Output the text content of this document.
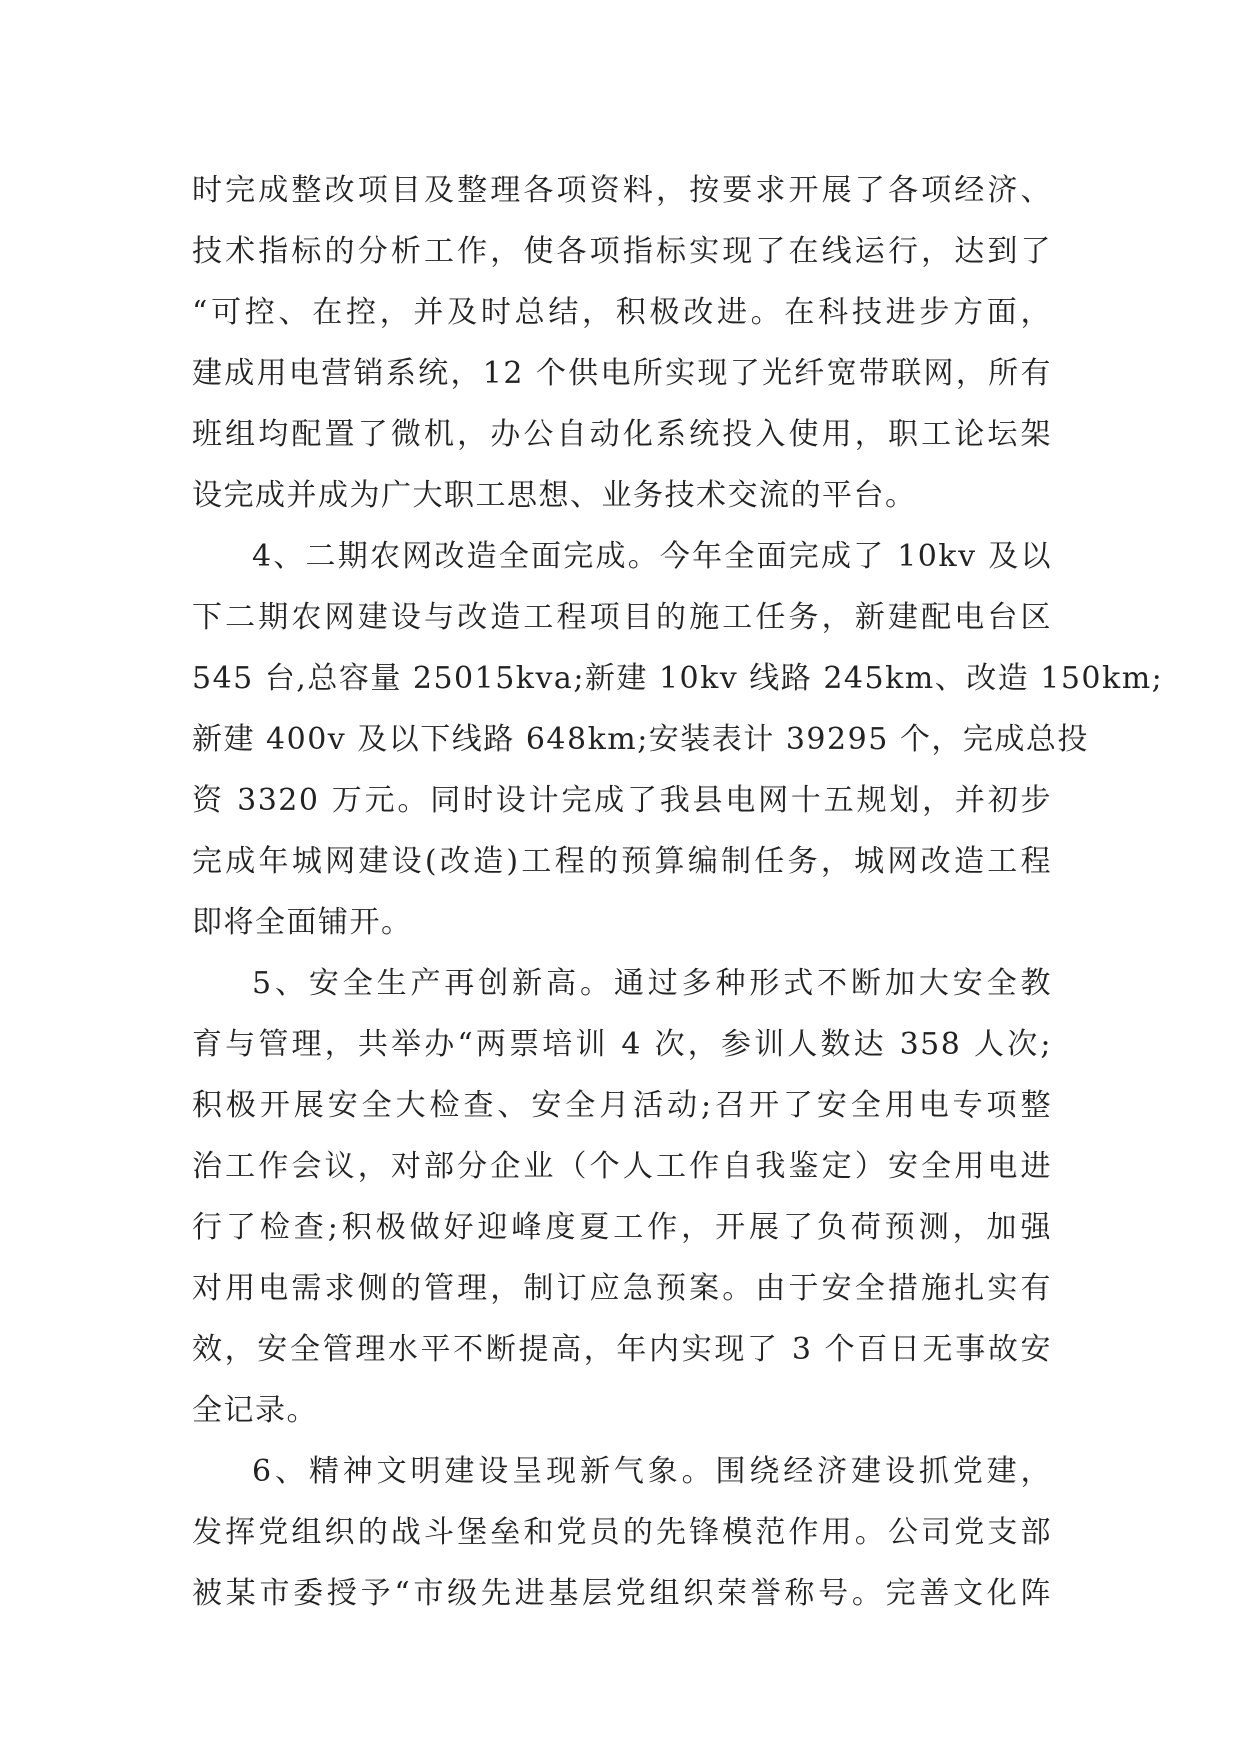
时完成整改项目及整理各项资料，按要求开展了各项经济、
技术指标的分析工作，使各项指标实现了在线运行，达到了
“可控、在控，并及时总结，积极改进。在科技进步方面，
建成用电营销系统，12 个供电所实现了光纤宽带联网，所有
班组均配置了微机，办公自动化系统投入使用，职工论坛架
设完成并成为广大职工思想、业务技术交流的平台。
4、二期农网改造全面完成。今年全面完成了 10kv 及以
下二期农网建设与改造工程项目的施工任务，新建配电台区
545 台,总容量 25015kva;新建 10kv 线路 245km、改造 150km;
新建 400v 及以下线路 648km;安装表计 39295 个，完成总投
资 3320 万元。同时设计完成了我县电网十五规划，并初步
完成年城网建设(改造)工程的预算编制任务，城网改造工程
即将全面铺开。
5、安全生产再创新高。通过多种形式不断加大安全教
育与管理，共举办“两票培训 4 次，参训人数达 358 人次;
积极开展安全大检查、安全月活动;召开了安全用电专项整
治工作会议，对部分企业（个人工作自我鉴定）安全用电进
行了检查;积极做好迎峰度夏工作，开展了负荷预测，加强
对用电需求侧的管理，制订应急预案。由于安全措施扎实有
效，安全管理水平不断提高，年内实现了 3 个百日无事故安
全记录。
6、精神文明建设呈现新气象。围绕经济建设抓党建，
发挥党组织的战斗堡垒和党员的先锋模范作用。公司党支部
被某市委授予“市级先进基层党组织荣誉称号。完善文化阵
